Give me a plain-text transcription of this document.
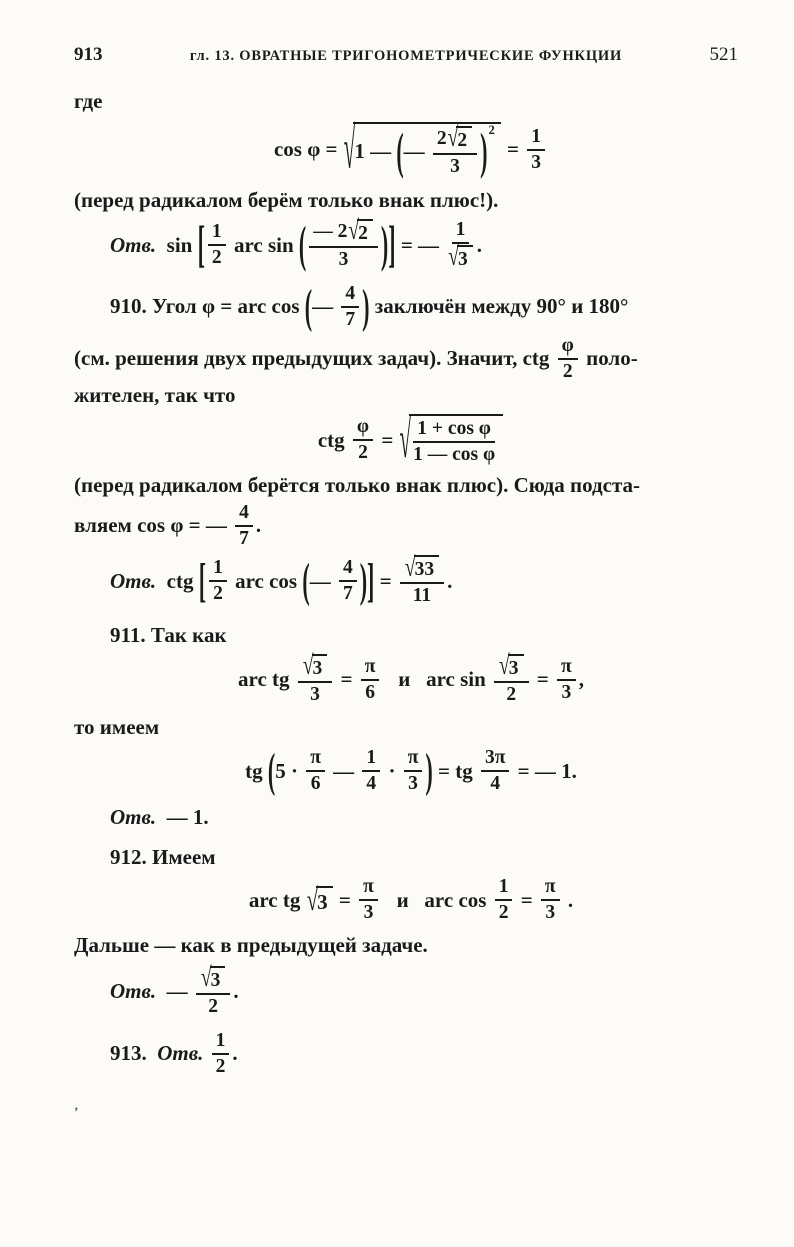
913	гл. 13. ОВРАТНЫЕ ТРИГОНОМЕТРИЧЕСКИЕ ФУНКЦИИ	521
где
cos φ = √ 1 — ( — $\frac{2 √ 2}{3}$ ) 2
= $\frac{1}{3}$
(перед радикалом берём только внак плюс!).
Отв. sin [ $\frac{1}{2}$ arc sin ( $\frac{— 2 √ 2}{3}$ ) ] = — $\frac{1}{√ 3}$ .
910. Угол φ = arc cos ( — $\frac{4}{7}$ ) заключён между 90° и 180°
(см. решения двух предыдущих задач). Значит, ctg $\frac{\varphi}{2}$ поло-
жителен, так что
ctg $\frac{\varphi}{2}$ = √ $\frac{\text{1 + cos φ}}{\text{1 — cos φ}}$
(перед радикалом берётся только внак плюс). Сюда подста-
вляем cos φ = — $\frac{4}{7}$ .
Отв. ctg [ $\frac{1}{2}$ arc cos ( — $\frac{4}{7}$ ) ] = $\frac{√ 33}{11}$ .
911. Так как
arc tg $\frac{√ 3}{3} = \frac{\pi}{6}$ и   arc $\sin \frac{√ 3}{2} = \frac{\pi}{3}$ ,
то имеем
tg ( $5 \cdot \frac{\pi}{6}$ — $\frac{1}{4} \cdot \frac{\pi}{3}$ ) = tg $\frac{3\pi}{4}$ = — 1.
Отв. — 1.
912. Имеем
arc tg √ $3 = \frac{\pi}{3}$ и   arc $\cos \frac{1}{2} = \frac{\pi}{3}$ .
Дальше — как в предыдущей задаче.
Отв. — $\frac{√ 3}{2}$ .
913.
Отв.
$\frac{1}{2}$ .
’
